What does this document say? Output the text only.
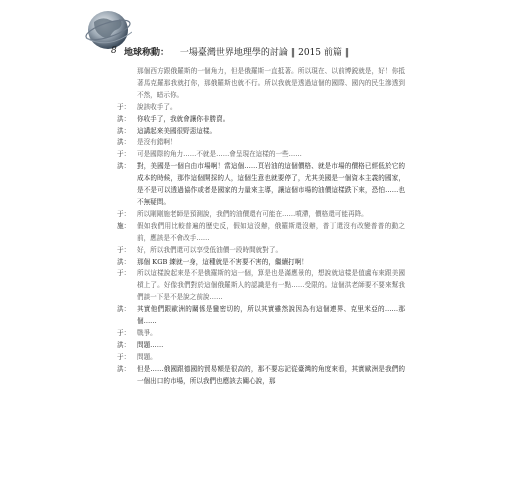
8 地球称動： 一場臺灣世界地理學的討論 ‖ 2015 前篇 ‖
那個西方跟俄羅斯的一個角力，但是俄羅斯一直抵著。所以現在、以前博鋭就是，好！你抵著馬克羅那我就打你，那俄羅斯也就不行。所以我就是透過這個的國際、國內的民生滲透到不然，暗示你。
于： 說該收手了。
洪： 你收手了，我就會讓你非勝賣。
洪： 這講起來美國很野惡這樣。
洪： 是沒有錯啊！
于： 可是國際的角力……不就是……會呈現在這樣的一些……
洪： 對，美國是一個自由市場啊！當這個……頁岩油的這個價格、就是市場的價格已經低於它的成本的時候，那作這個開採的人，這個生意也就要停了，尤其美國是一個資本主義的國家，是不是可以透過協作或者是國家的力量來主導，讓這個市場的油價這樣跌下來，恐怕……也不無疑問。
于： 所以剛剛施老師是預測說，我們的油價還有可能在……噴滯，價格還可能再降。
施： 假如我們用比較普遍的歷史反，假如這沒辦，俄羅斯還沒辦，普丁還沒有改變普普的動之前，應該是不會改手……
于： 好，所以我們還可以享受低油價一段時間就對了。
洪： 那個 KGB 練就一身，這種就是不害要不害的，繼續打啊！
于： 所以這樣說起來是不是俄羅斯的這一個，算是也是滿應景的，想說就這樣是值盧布來跟美國槓上了。好像我們對於這個俄羅斯人的認識是有一點……受限的。這個洪老師要不要來幫我們談一下是不是說之前說……
洪： 其實他們跟歐洲的關係是蠻密切的，所以其實雖然說因為有這個連界、克里米亞的……那個……
于： 戰爭。
洪： 問題……
于： 問題。
洪： 但是……俄國跟德國的貿易額是很高的，那不要忘記從臺灣的角度來看，其實歐洲是我們的一個出口的市場，所以我們也應該去關心說，那
